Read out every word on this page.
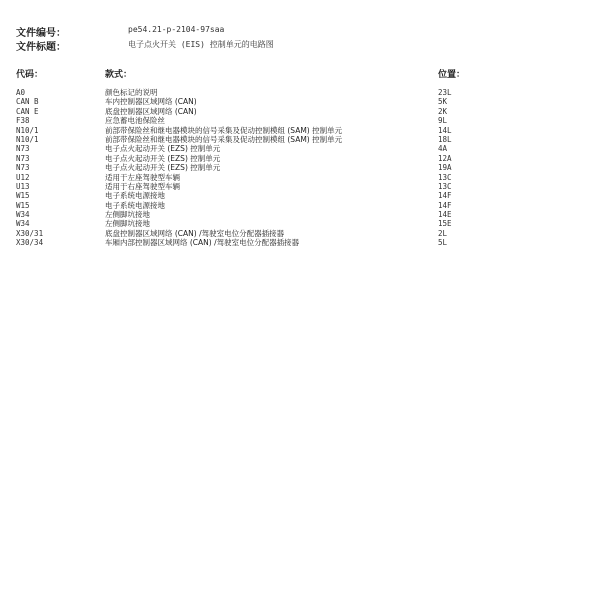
文件编号：	pe54.21-p-2104-97saa
文件标题：	电子点火开关 (EIS) 控制单元的电路图
代码：	款式：	位置：
A0	颜色标记的说明	23L
CAN B	车内控制器区域网络 (CAN)	5K
CAN E	底盘控制器区域网络 (CAN)	2K
F38	应急蓄电池保险丝	9L
N10/1	前部带保险丝和继电器模块的信号采集及促动控制模组 (SAM) 控制单元	14L
N10/1	前部带保险丝和继电器模块的信号采集及促动控制模组 (SAM) 控制单元	18L
N73	电子点火起动开关 (EZS) 控制单元	4A
N73	电子点火起动开关 (EZS) 控制单元	12A
N73	电子点火起动开关 (EZS) 控制单元	19A
U12	适用于左座驾驶型车辆	13C
U13	适用于右座驾驶型车辆	13C
W15	电子系统电源接地	14F
W15	电子系统电源接地	14F
W34	左侧脚坑接地	14E
W34	左侧脚坑接地	15E
X30/31	底盘控制器区域网络 (CAN) /驾驶室电位分配器插接器	2L
X30/34	车厢内部控制器区域网络 (CAN) /驾驶室电位分配器插接器	5L
